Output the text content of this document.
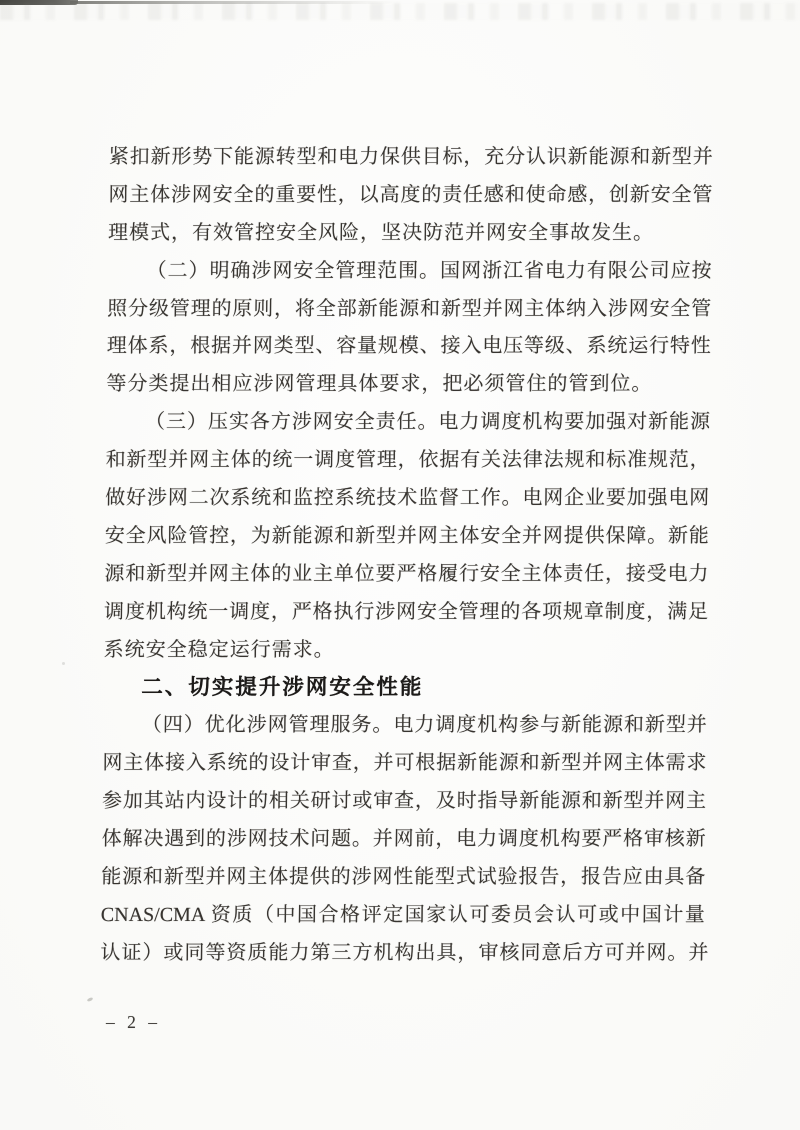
紧扣新形势下能源转型和电力保供目标，充分认识新能源和新型并
网主体涉网安全的重要性，以高度的责任感和使命感，创新安全管
理模式，有效管控安全风险，坚决防范并网安全事故发生。
（二）明确涉网安全管理范围。国网浙江省电力有限公司应按
照分级管理的原则，将全部新能源和新型并网主体纳入涉网安全管
理体系，根据并网类型、容量规模、接入电压等级、系统运行特性
等分类提出相应涉网管理具体要求，把必须管住的管到位。
（三）压实各方涉网安全责任。电力调度机构要加强对新能源
和新型并网主体的统一调度管理，依据有关法律法规和标准规范，
做好涉网二次系统和监控系统技术监督工作。电网企业要加强电网
安全风险管控，为新能源和新型并网主体安全并网提供保障。新能
源和新型并网主体的业主单位要严格履行安全主体责任，接受电力
调度机构统一调度，严格执行涉网安全管理的各项规章制度，满足
系统安全稳定运行需求。
二、切实提升涉网安全性能
（四）优化涉网管理服务。电力调度机构参与新能源和新型并
网主体接入系统的设计审查，并可根据新能源和新型并网主体需求
参加其站内设计的相关研讨或审查，及时指导新能源和新型并网主
体解决遇到的涉网技术问题。并网前，电力调度机构要严格审核新
能源和新型并网主体提供的涉网性能型式试验报告，报告应由具备
CNAS/CMA 资质（中国合格评定国家认可委员会认可或中国计量
认证）或同等资质能力第三方机构出具，审核同意后方可并网。并
– 2 –
